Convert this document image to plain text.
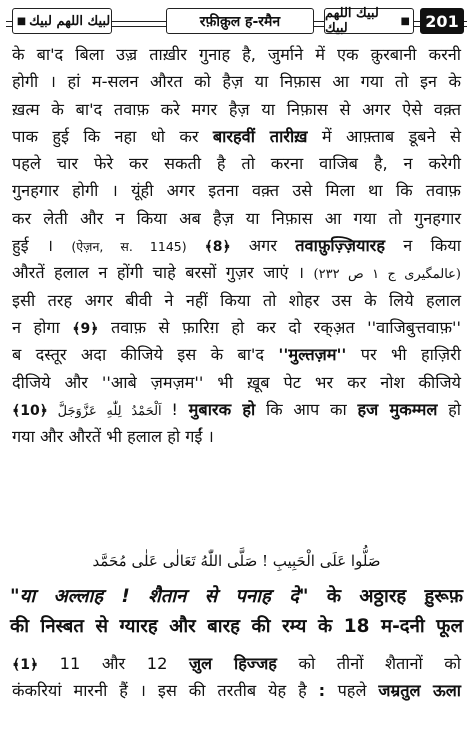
■ لبيك اللهم لبيك	रफ़ीक़ुल ह-रमैन	لبيك اللهم لبيك	■ 201
के बा'द बिला उज़्र ताख़ीर गुनाह है, जुर्माने में एक क़ुरबानी करनी
होगी । हां म-सलन औरत को हैज़ या निफ़ास आ गया तो इन के
ख़त्म के बा'द तवाफ़ करे मगर हैज़ या निफ़ास से अगर ऐसे वक़्त
पाक हुई कि नहा धो कर बारहवीं तारीख़ में आफ़्ताब डूबने से
पहले चार फेरे कर सकती है तो करना वाजिब है, न करेगी
गुनहगार होगी । यूंही अगर इतना वक़्त उसे मिला था कि तवाफ़
कर लेती और न किया अब हैज़ या निफ़ास आ गया तो गुनहगार
हुई । (ऐज़न, स. 1145) ﴾8﴿ अगर तवाफ़ुज़्ज़ियारह न किया
औरतें हलाल न होंगी चाहे बरसों गुज़र जाएं । (عالمگیری ج ۱ ص ۲۳۲)
इसी तरह अगर बीवी ने नहीं किया तो शोहर उस के लिये हलाल
न होगा ﴾9﴿ तवाफ़ से फ़ारिग़ हो कर दो रक्अ़त ''वाजिबुत्तवाफ़''
ब दस्तूर अदा कीजिये इस के बा'द ''मुल्तज़म'' पर भी हाज़िरी
दीजिये और ''आबे ज़मज़म'' भी ख़ूब पेट भर कर नोश कीजिये
﴾10﴿ اَلْحَمْدُ لِلّٰهِ عَزَّوَجَلَّ ! मुबारक हो कि आप का हज मुकम्मल हो
गया और औरतें भी हलाल हो गईं ।
صَلُّوا عَلَى الْحَبِيبِ ! صَلَّى اللّٰهُ تَعَالٰى عَلٰى مُحَمَّد
"या अल्लाह ! शैतान से पनाह दे" के अठ्ठारह ह़ुरूफ़
की निस्बत से ग्यारह और बारह की रम्य के 18 म-दनी फूल
﴾1﴿ 11 और 12 ज़ुल हिज्जह को तीनों शैतानों को
कंकरियां मारनी हैं । इस की तरतीब येह है : पहले जम्रतुल ऊला
